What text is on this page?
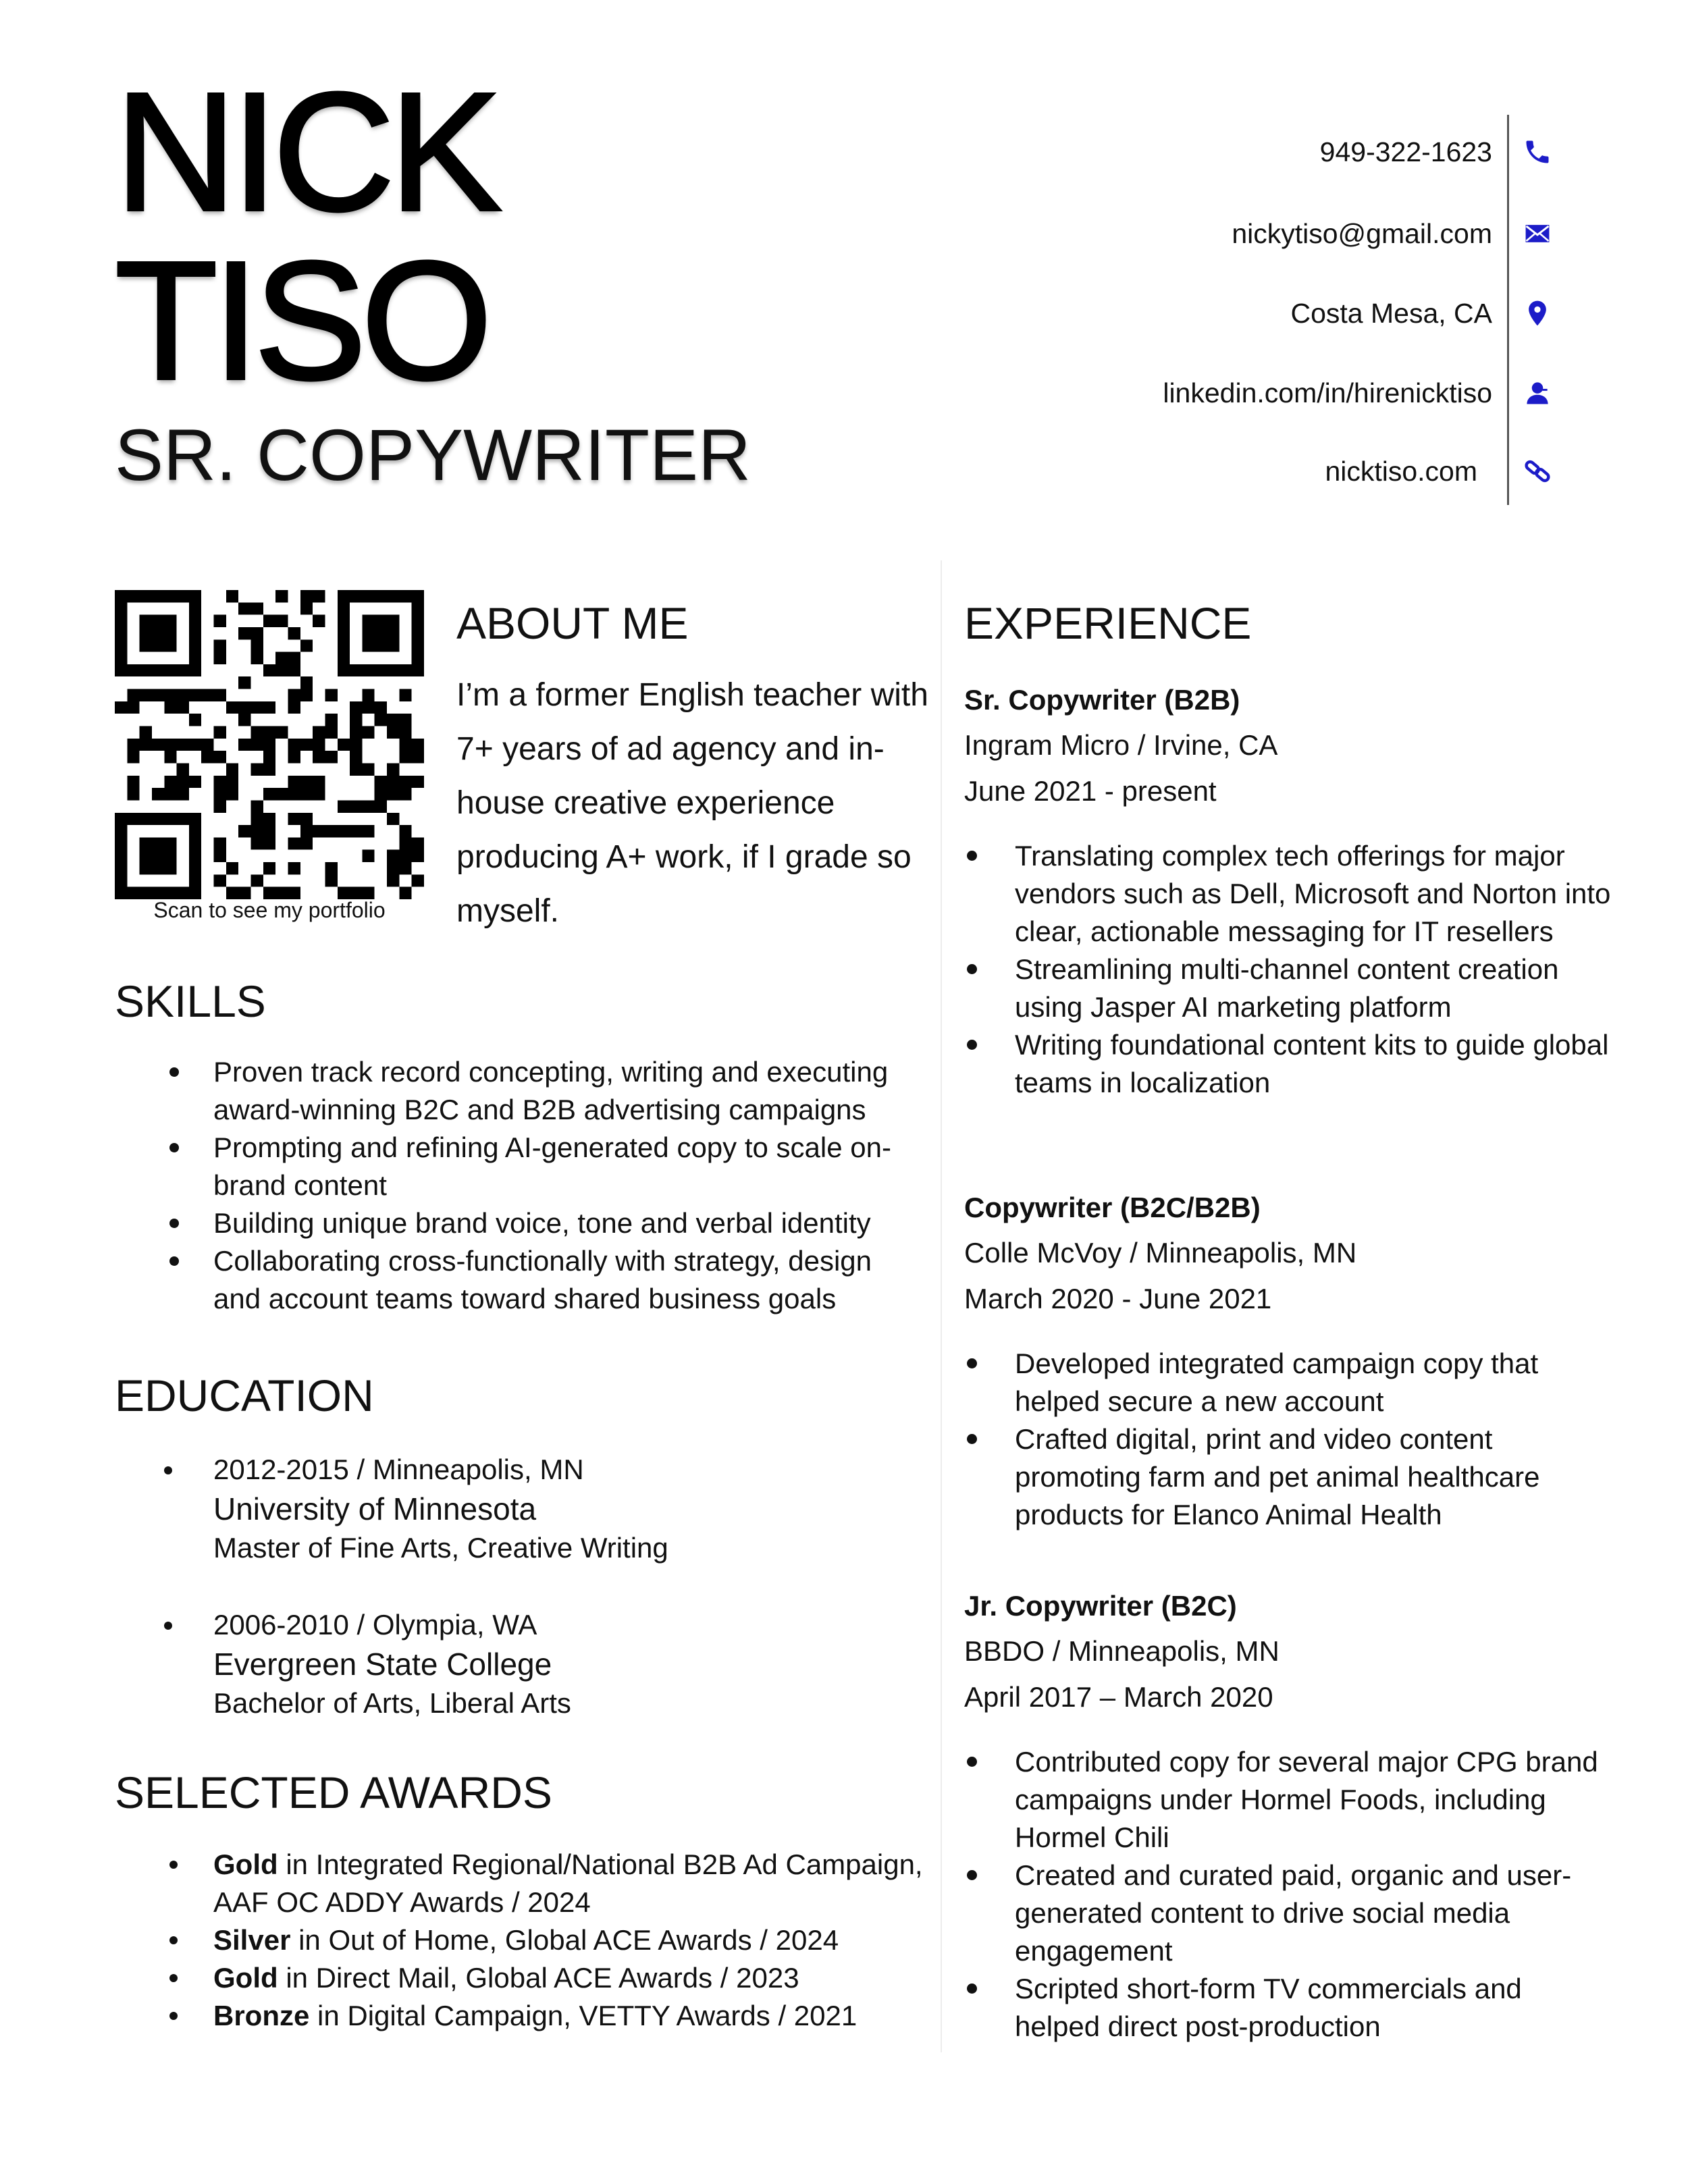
NICK
TISO
SR. COPYWRITER
949-322-1623
nickytiso@gmail.com
Costa Mesa, CA
linkedin.com/in/hirenicktiso
nicktiso.com
Scan to see my portfolio
ABOUT ME

I’m a former English teacher with 7+ years of ad agency and in-house creative experience producing A+ work, if I grade so myself.

SKILLS
Proven track record concepting, writing and executing award-winning B2C and B2B advertising campaigns
Prompting and refining AI-generated copy to scale on-brand content
Building unique brand voice, tone and verbal identity
Collaborating cross-functionally with strategy, design and account teams toward shared business goals
EDUCATION
2012-2015 / Minneapolis, MN
University of Minnesota
Master of Fine Arts, Creative Writing
2006-2010 / Olympia, WA
Evergreen State College
Bachelor of Arts, Liberal Arts
SELECTED AWARDS
Gold in Integrated Regional/National B2B Ad Campaign, AAF OC ADDY Awards / 2024
Silver in Out of Home, Global ACE Awards / 2024
Gold in Direct Mail, Global ACE Awards / 2023
Bronze in Digital Campaign, VETTY Awards / 2021
EXPERIENCE

Sr. Copywriter (B2B)

Ingram Micro / Irvine, CA

June 2021 - present

Translating complex tech offerings for major vendors such as Dell, Microsoft and Norton into clear, actionable messaging for IT resellers
Streamlining multi-channel content creation using Jasper AI marketing platform
Writing foundational content kits to guide global teams in localization

Copywriter (B2C/B2B)

Colle McVoy / Minneapolis, MN

March 2020 - June 2021

Developed integrated campaign copy that helped secure a new account
Crafted digital, print and video content promoting farm and pet animal healthcare products for Elanco Animal Health

Jr. Copywriter (B2C)

BBDO / Minneapolis, MN

April 2017 – March 2020

Contributed copy for several major CPG brand campaigns under Hormel Foods, including Hormel Chili
Created and curated paid, organic and user-generated content to drive social media engagement
Scripted short-form TV commercials and helped direct post-production
